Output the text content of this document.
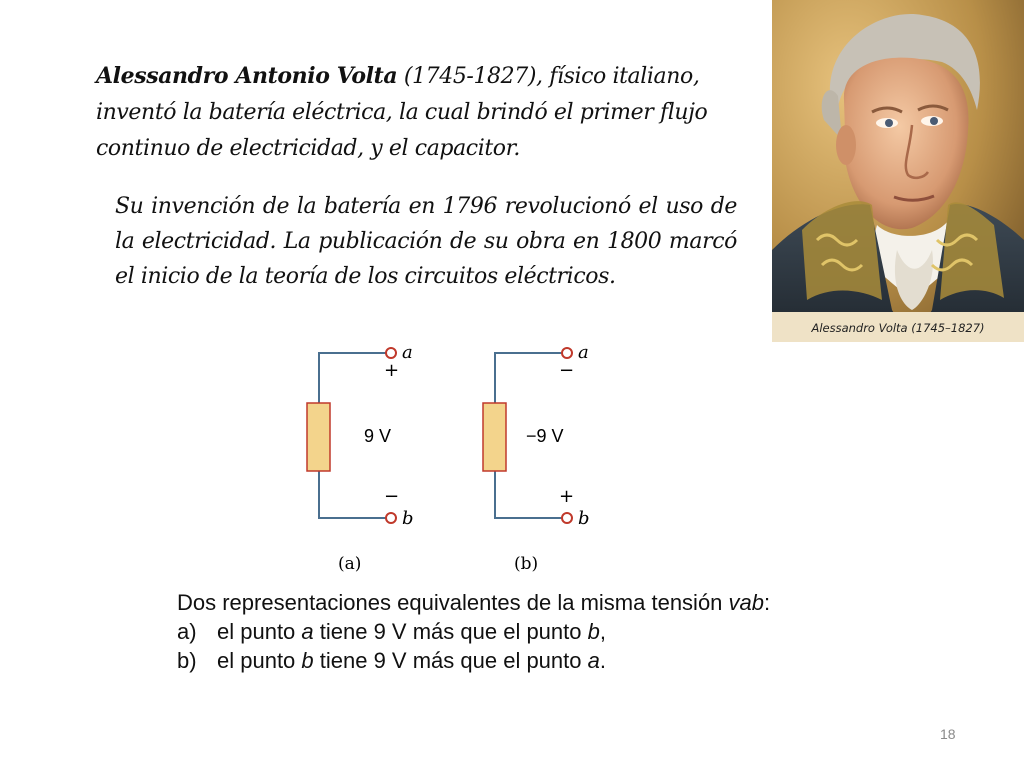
Alessandro Antonio Volta (1745-1827), físico italiano, inventó la batería eléctrica, la cual brindó el primer flujo continuo de electricidad, y el capacitor.
Su invención de la batería en 1796 revolucionó el uso de la electricidad. La publicación de su obra en 1800 marcó el inicio de la teoría de los circuitos eléctricos.
Alessandro Volta (1745–1827)
a
b
+
−
9 V
(a)
a
b
−
+
−9 V
(b)
Dos representaciones equivalentes de la misma tensión vab:
a) el punto a tiene 9 V más que el punto b,
b) el punto b tiene 9 V más que el punto a.
18
